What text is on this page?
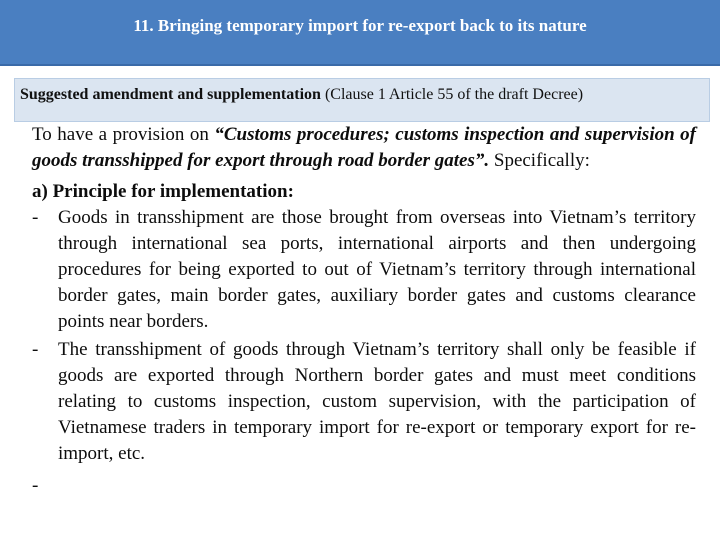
11. Bringing temporary import for re-export back to its nature
Suggested amendment and supplementation (Clause 1 Article 55 of the draft Decree)

To have a provision on “Customs procedures; customs inspection and supervision of goods transshipped for export through road border gates”. Specifically:

a) Principle for implementation:

-	Goods in transshipment are those brought from overseas into Vietnam’s territory through international sea ports, international airports and then undergoing procedures for being exported to out of Vietnam’s territory through international border gates, main border gates, auxiliary border gates and customs clearance points near borders.
-	The transshipment of goods through Vietnam’s territory shall only be feasible if goods are exported through Northern border gates and must meet conditions relating to customs inspection, custom supervision, with the participation of Vietnamese traders in temporary import for re-export or temporary export for re-import, etc.
-
